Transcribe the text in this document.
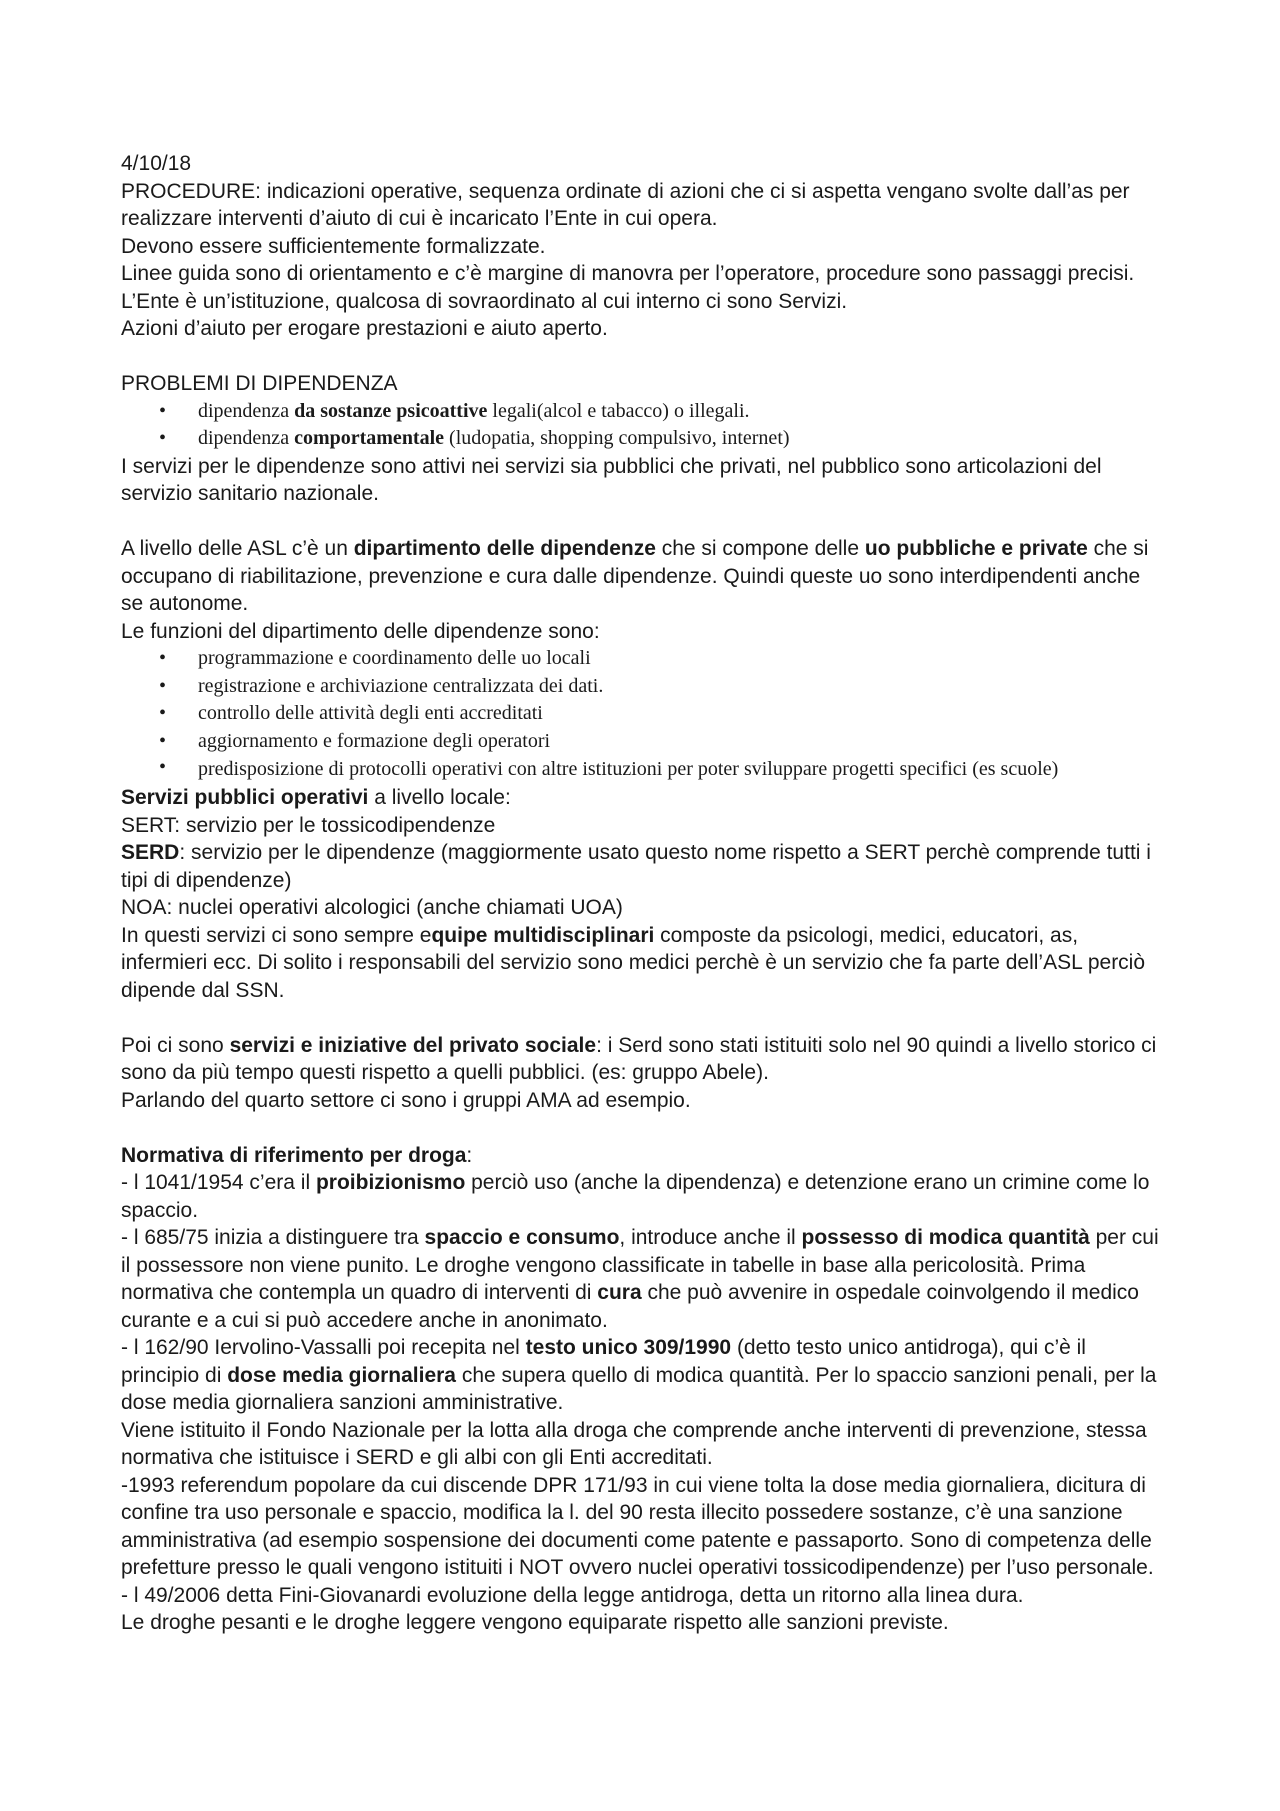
4/10/18

PROCEDURE: indicazioni operative, sequenza ordinate di azioni che ci si aspetta vengano svolte dall’as per realizzare interventi d’aiuto di cui è incaricato l’Ente in cui opera.

Devono essere sufficientemente formalizzate.

Linee guida sono di orientamento e c’è margine di manovra per l’operatore, procedure sono passaggi precisi.

L’Ente è un’istituzione, qualcosa di sovraordinato al cui interno ci sono Servizi.

Azioni d’aiuto per erogare prestazioni e aiuto aperto.

PROBLEMI DI DIPENDENZA

• dipendenza da sostanze psicoattive legali(alcol e tabacco) o illegali.
• dipendenza comportamentale (ludopatia, shopping compulsivo, internet)

I servizi per le dipendenze sono attivi nei servizi sia pubblici che privati, nel pubblico sono articolazioni del servizio sanitario nazionale.

A livello delle ASL c’è un dipartimento delle dipendenze che si compone delle uo pubbliche e private che si occupano di riabilitazione, prevenzione e cura dalle dipendenze. Quindi queste uo sono interdipendenti anche se autonome.

Le funzioni del dipartimento delle dipendenze sono:

• programmazione e coordinamento delle uo locali
• registrazione e archiviazione centralizzata dei dati.
• controllo delle attività degli enti accreditati
• aggiornamento e formazione degli operatori
• predisposizione di protocolli operativi con altre istituzioni per poter sviluppare progetti specifici (es scuole)

Servizi pubblici operativi a livello locale:

SERT: servizio per le tossicodipendenze

SERD: servizio per le dipendenze (maggiormente usato questo nome rispetto a SERT perchè comprende tutti i tipi di dipendenze)

NOA: nuclei operativi alcologici (anche chiamati UOA)

In questi servizi ci sono sempre equipe multidisciplinari composte da psicologi, medici, educatori, as, infermieri ecc. Di solito i responsabili del servizio sono medici perchè è un servizio che fa parte dell’ASL perciò dipende dal SSN.

Poi ci sono servizi e iniziative del privato sociale: i Serd sono stati istituiti solo nel 90 quindi a livello storico ci sono da più tempo questi rispetto a quelli pubblici. (es: gruppo Abele).

Parlando del quarto settore ci sono i gruppi AMA ad esempio.

Normativa di riferimento per droga:

- l 1041/1954 c’era il proibizionismo perciò uso (anche la dipendenza) e detenzione erano un crimine come lo spaccio.

- l 685/75 inizia a distinguere tra spaccio e consumo, introduce anche il possesso di modica quantità per cui il possessore non viene punito. Le droghe vengono classificate in tabelle in base alla pericolosità. Prima normativa che contempla un quadro di interventi di cura che può avvenire in ospedale coinvolgendo il medico curante e a cui si può accedere anche in anonimato.

- l 162/90 Iervolino-Vassalli poi recepita nel testo unico 309/1990 (detto testo unico antidroga), qui c’è il principio di dose media giornaliera che supera quello di modica quantità. Per lo spaccio sanzioni penali, per la dose media giornaliera sanzioni amministrative.

Viene istituito il Fondo Nazionale per la lotta alla droga che comprende anche interventi di prevenzione, stessa normativa che istituisce i SERD e gli albi con gli Enti accreditati.

-1993 referendum popolare da cui discende DPR 171/93 in cui viene tolta la dose media giornaliera, dicitura di confine tra uso personale e spaccio, modifica la l. del 90 resta illecito possedere sostanze, c’è una sanzione amministrativa (ad esempio sospensione dei documenti come patente e passaporto. Sono di competenza delle prefetture presso le quali vengono istituiti i NOT ovvero nuclei operativi tossicodipendenze) per l’uso personale.

- l 49/2006 detta Fini-Giovanardi evoluzione della legge antidroga, detta un ritorno alla linea dura.

Le droghe pesanti e le droghe leggere vengono equiparate rispetto alle sanzioni previste.
